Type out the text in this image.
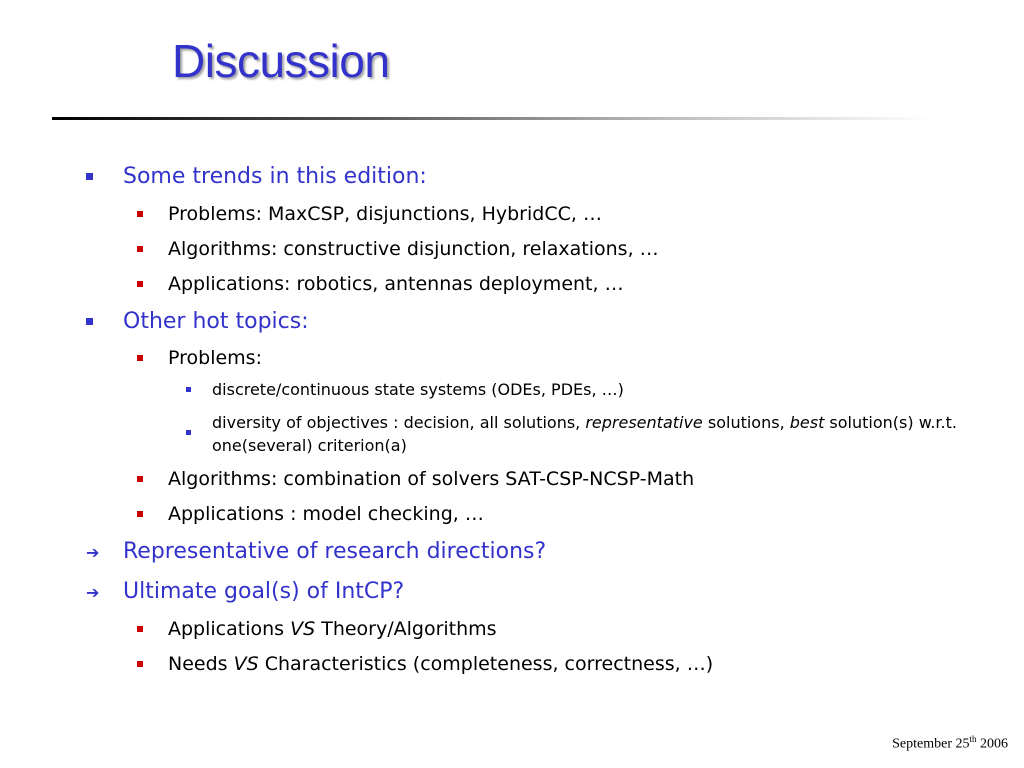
Discussion
Some trends in this edition:
Problems: MaxCSP, disjunctions, HybridCC, …
Algorithms: constructive disjunction, relaxations, …
Applications: robotics, antennas deployment, …
Other hot topics:
Problems:
discrete/continuous state systems (ODEs, PDEs, …)
diversity of objectives : decision, all solutions, representative solutions, best solution(s) w.r.t. one(several) criterion(a)
Algorithms: combination of solvers SAT-CSP-NCSP-Math
Applications : model checking, …
➔	Representative of research directions?
➔	Ultimate goal(s) of IntCP?
Applications VS Theory/Algorithms
Needs VS Characteristics (completeness, correctness, …)
September 25th 2006
